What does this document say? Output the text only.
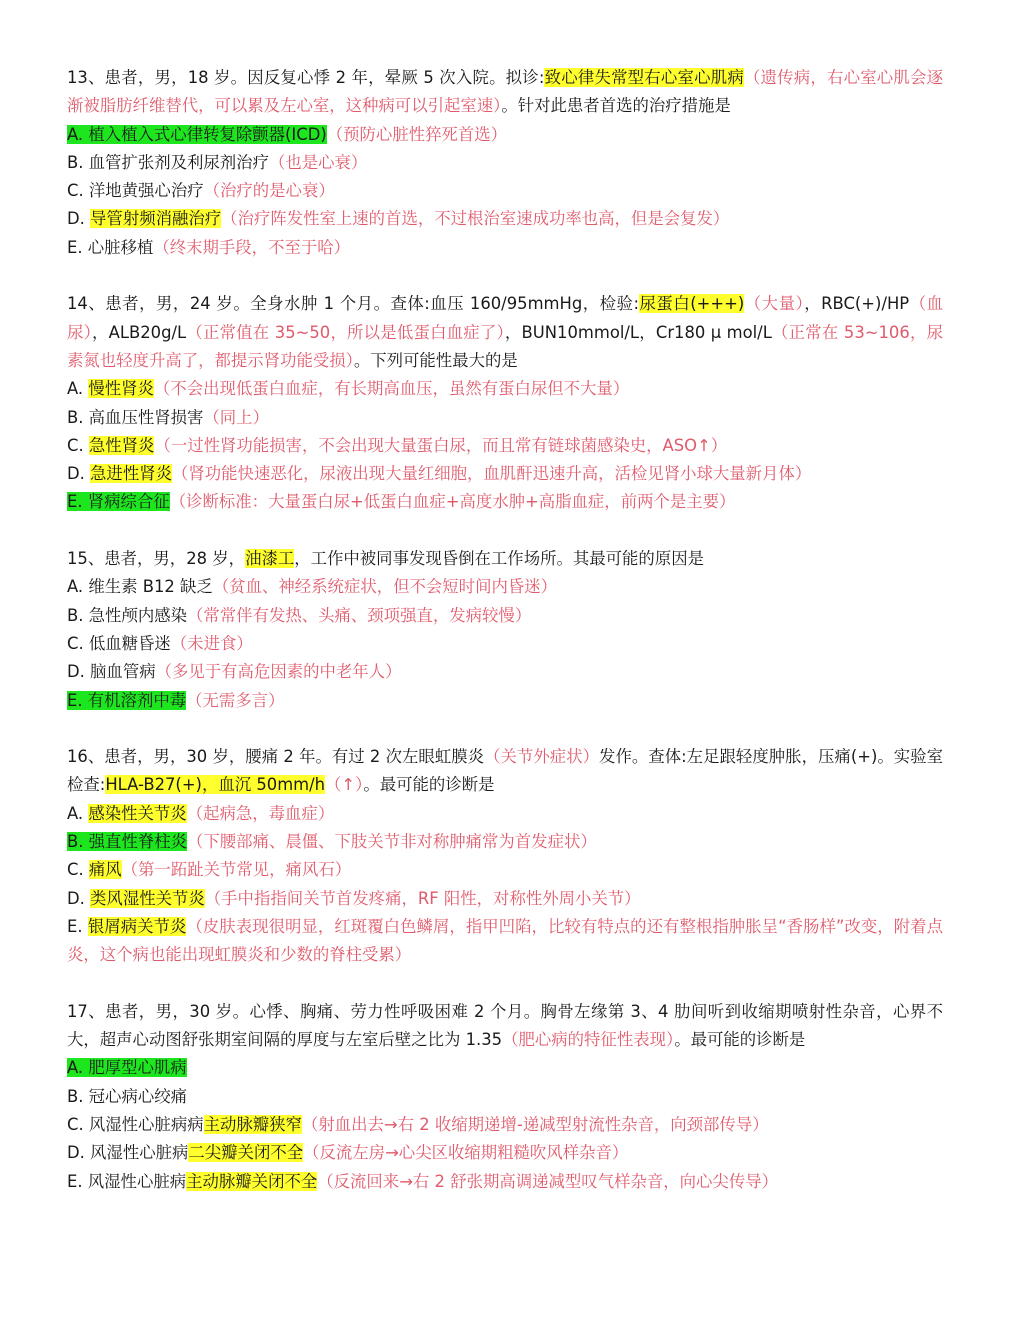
13、患者，男，18 岁。因反复心悸 2 年，晕厥 5 次入院。拟诊:致心律失常型右心室心肌病（遗传病，右心室心肌会逐渐被脂肪纤维替代，可以累及左心室，这种病可以引起室速）。针对此患者首选的治疗措施是

A. 植入植入式心律转复除颤器(ICD)（预防心脏性猝死首选）
B. 血管扩张剂及利尿剂治疗（也是心衰）
C. 洋地黄强心治疗（治疗的是心衰）
D. 导管射频消融治疗（治疗阵发性室上速的首选，不过根治室速成功率也高，但是会复发）
E. 心脏移植（终末期手段，不至于哈）

14、患者，男，24 岁。全身水肿 1 个月。查体:血压 160/95mmHg，检验:尿蛋白(+++)（大量），RBC(+)/HP（血尿），ALB20g/L（正常值在 35~50，所以是低蛋白血症了），BUN10mmol/L，Cr180 μ mol/L（正常在 53~106，尿素氮也轻度升高了，都提示肾功能受损）。下列可能性最大的是

A. 慢性肾炎（不会出现低蛋白血症，有长期高血压，虽然有蛋白尿但不大量）
B. 高血压性肾损害（同上）
C. 急性肾炎（一过性肾功能损害，不会出现大量蛋白尿，而且常有链球菌感染史，ASO↑）
D. 急进性肾炎（肾功能快速恶化，尿液出现大量红细胞，血肌酐迅速升高，活检见肾小球大量新月体）
E. 肾病综合征（诊断标准：大量蛋白尿+低蛋白血症+高度水肿+高脂血症，前两个是主要）

15、患者，男，28 岁，油漆工，工作中被同事发现昏倒在工作场所。其最可能的原因是

A. 维生素 B12 缺乏（贫血、神经系统症状，但不会短时间内昏迷）
B. 急性颅内感染（常常伴有发热、头痛、颈项强直，发病较慢）
C. 低血糖昏迷（未进食）
D. 脑血管病（多见于有高危因素的中老年人）
E. 有机溶剂中毒（无需多言）

16、患者，男，30 岁，腰痛 2 年。有过 2 次左眼虹膜炎（关节外症状）发作。查体:左足跟轻度肿胀，压痛(+)。实验室检查:HLA-B27(+)，血沉 50mm/h（↑）。最可能的诊断是

A. 感染性关节炎（起病急，毒血症）
B. 强直性脊柱炎（下腰部痛、晨僵、下肢关节非对称肿痛常为首发症状）
C. 痛风（第一跖趾关节常见，痛风石）
D. 类风湿性关节炎（手中指指间关节首发疼痛，RF 阳性，对称性外周小关节）

E. 银屑病关节炎（皮肤表现很明显，红斑覆白色鳞屑，指甲凹陷，比较有特点的还有整根指肿胀呈“香肠样”改变，附着点炎，这个病也能出现虹膜炎和少数的脊柱受累）

17、患者，男，30 岁。心悸、胸痛、劳力性呼吸困难 2 个月。胸骨左缘第 3、4 肋间听到收缩期喷射性杂音，心界不大，超声心动图舒张期室间隔的厚度与左室后壁之比为 1.35（肥心病的特征性表现）。最可能的诊断是

A. 肥厚型心肌病
B. 冠心病心绞痛
C. 风湿性心脏病病主动脉瓣狭窄（射血出去→右 2 收缩期递增-递减型射流性杂音，向颈部传导）
D. 风湿性心脏病二尖瓣关闭不全（反流左房→心尖区收缩期粗糙吹风样杂音）
E. 风湿性心脏病主动脉瓣关闭不全（反流回来→右 2 舒张期高调递减型叹气样杂音，向心尖传导）
